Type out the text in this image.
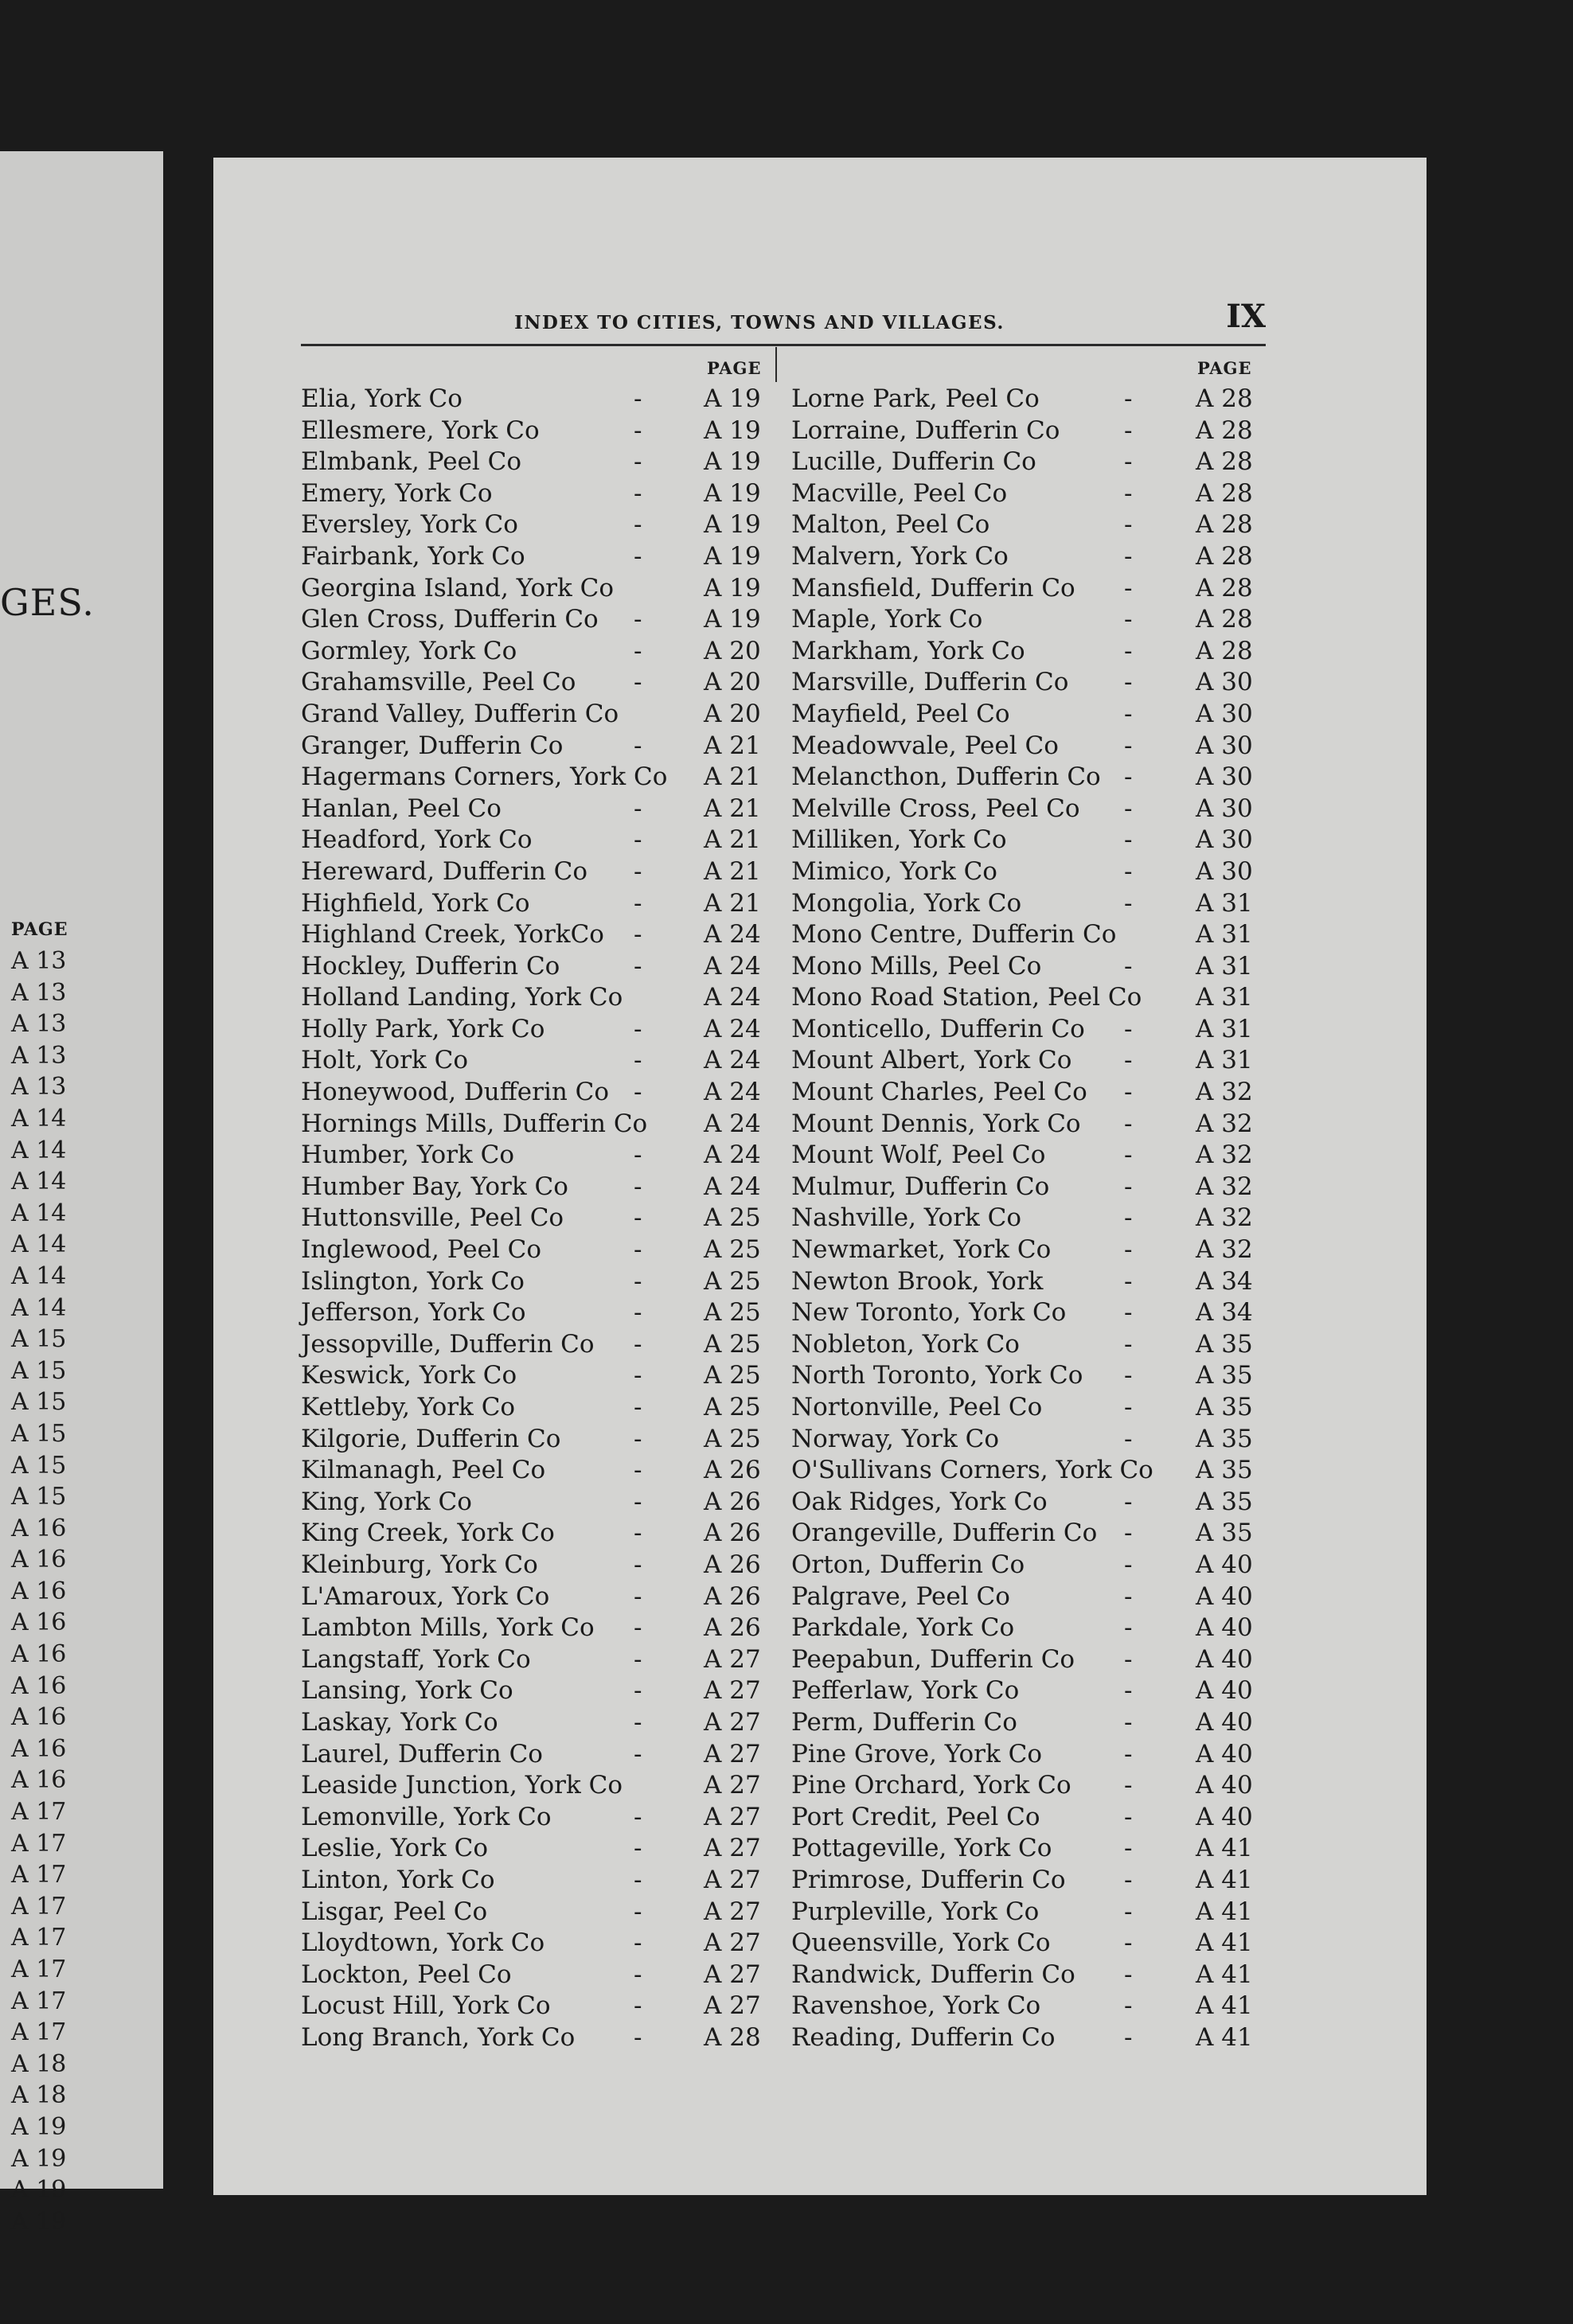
GES.
PAGE
A 13
A 13
A 13
A 13
A 13
A 14
A 14
A 14
A 14
A 14
A 14
A 14
A 15
A 15
A 15
A 15
A 15
A 15
A 16
A 16
A 16
A 16
A 16
A 16
A 16
A 16
A 16
A 17
A 17
A 17
A 17
A 17
A 17
A 17
A 17
A 18
A 18
A 19
A 19
A 19
A 19
INDEX TO CITIES, TOWNS AND VILLAGES.	IX
PAGE	PAGE
Elia, York Co	-	A 19
Ellesmere, York Co	-	A 19
Elmbank, Peel Co	-	A 19
Emery, York Co	-	A 19
Eversley, York Co	-	A 19
Fairbank, York Co	-	A 19
Georgina Island, York Co	A 19
Glen Cross, Dufferin Co -	A 19
Gormley, York Co	-	A 20
Grahamsville, Peel Co -	A 20
Grand Valley, Dufferin Co	A 20
Granger, Dufferin Co	-	A 21
Hagermans Corners, York Co A 21
Hanlan, Peel Co	-	A 21
Headford, York Co	-	A 21
Hereward, Dufferin Co -	A 21
Highfield, York Co	-	A 21
Highland Creek, YorkCo -	A 24
Hockley, Dufferin Co	-	A 24
Holland Landing, York Co	A 24
Holly Park, York Co	-	A 24
Holt, York Co	-	A 24
Honeywood, Dufferin Co -	A 24
Hornings Mills, Dufferin Co A 24
Humber, York Co	-	A 24
Humber Bay, York Co	-	A 24
Huttonsville, Peel Co	-	A 25
Inglewood, Peel Co	-	A 25
Islington, York Co	-	A 25
Jefferson, York Co	-	A 25
Jessopville, Dufferin Co -	A 25
Keswick, York Co	-	A 25
Kettleby, York Co	-	A 25
Kilgorie, Dufferin Co	-	A 25
Kilmanagh, Peel Co	-	A 26
King, York Co	-	A 26
King Creek, York Co	-	A 26
Kleinburg, York Co	-	A 26
L'Amaroux, York Co	-	A 26
Lambton Mills, York Co -	A 26
Langstaff, York Co	-	A 27
Lansing, York Co	-	A 27
Laskay, York Co	-	A 27
Laurel, Dufferin Co	-	A 27
Leaside Junction, York Co	A 27
Lemonville, York Co	-	A 27
Leslie, York Co	-	A 27
Linton, York Co	-	A 27
Lisgar, Peel Co	-	A 27
Lloydtown, York Co	-	A 27
Lockton, Peel Co	-	A 27
Locust Hill, York Co	-	A 27
Long Branch, York Co -	A 28
Lorne Park, Peel Co	-	A 28
Lorraine, Dufferin Co	-	A 28
Lucille, Dufferin Co	-	A 28
Macville, Peel Co	-	A 28
Malton, Peel Co	-	A 28
Malvern, York Co	-	A 28
Mansfield, Dufferin Co -	A 28
Maple, York Co	-	A 28
Markham, York Co	-	A 28
Marsville, Dufferin Co -	A 30
Mayfield, Peel Co	-	A 30
Meadowvale, Peel Co	-	A 30
Melancthon, Dufferin Co -	A 30
Melville Cross, Peel Co -	A 30
Milliken, York Co	-	A 30
Mimico, York Co	-	A 30
Mongolia, York Co	-	A 31
Mono Centre, Dufferin Co	A 31
Mono Mills, Peel Co	-	A 31
Mono Road Station, Peel Co A 31
Monticello, Dufferin Co -	A 31
Mount Albert, York Co -	A 31
Mount Charles, Peel Co -	A 32
Mount Dennis, York Co -	A 32
Mount Wolf, Peel Co	-	A 32
Mulmur, Dufferin Co	-	A 32
Nashville, York Co	-	A 32
Newmarket, York Co	-	A 32
Newton Brook, York	-	A 34
New Toronto, York Co -	A 34
Nobleton, York Co	-	A 35
North Toronto, York Co -	A 35
Nortonville, Peel Co	-	A 35
Norway, York Co	-	A 35
O'Sullivans Corners, York Co A 35
Oak Ridges, York Co	-	A 35
Orangeville, Dufferin Co -	A 35
Orton, Dufferin Co	-	A 40
Palgrave, Peel Co	-	A 40
Parkdale, York Co	-	A 40
Peepabun, Dufferin Co -	A 40
Pefferlaw, York Co	-	A 40
Perm, Dufferin Co	-	A 40
Pine Grove, York Co	-	A 40
Pine Orchard, York Co -	A 40
Port Credit, Peel Co	-	A 40
Pottageville, York Co	-	A 41
Primrose, Dufferin Co -	A 41
Purpleville, York Co	-	A 41
Queensville, York Co	-	A 41
Randwick, Dufferin Co -	A 41
Ravenshoe, York Co	-	A 41
Reading, Dufferin Co	-	A 41
